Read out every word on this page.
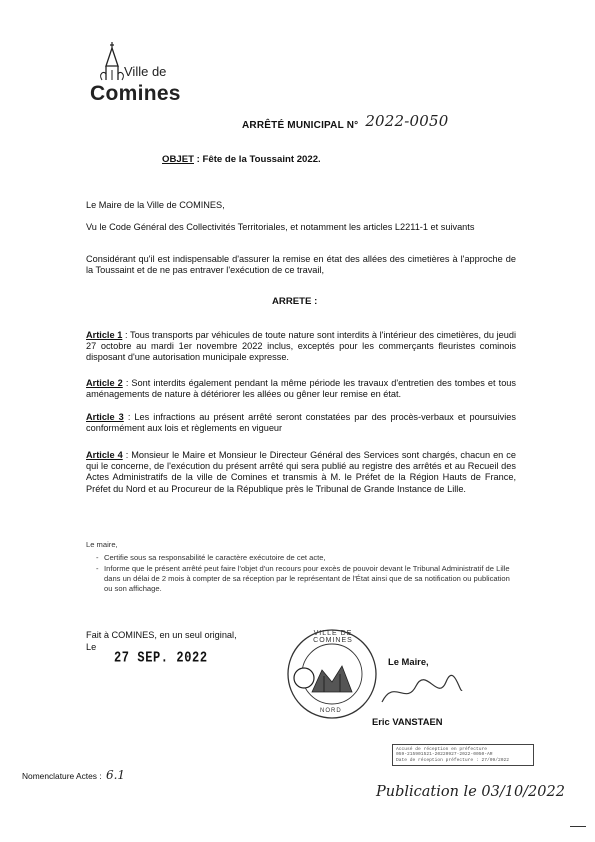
Ville de
Comines
ARRÊTÉ MUNICIPAL N° 2022-0050
OBJET : Fête de la Toussaint 2022.
Le Maire de la Ville de COMINES,
Vu le Code Général des Collectivités Territoriales, et notamment les articles L2211-1 et suivants
Considérant qu'il est indispensable d'assurer la remise en état des allées des cimetières à l'approche de la Toussaint et de ne pas entraver l'exécution de ce travail,
ARRETE :
Article 1 : Tous transports par véhicules de toute nature sont interdits à l'intérieur des cimetières, du jeudi 27 octobre au mardi 1er novembre 2022 inclus, exceptés pour les commerçants fleuristes cominois disposant d'une autorisation municipale expresse.
Article 2 : Sont interdits également pendant la même période les travaux d'entretien des tombes et tous aménagements de nature à détériorer les allées ou gêner leur remise en état.
Article 3 : Les infractions au présent arrêté seront constatées par des procès-verbaux et poursuivies conformément aux lois et règlements en vigueur
Article 4 : Monsieur le Maire et Monsieur le Directeur Général des Services sont chargés, chacun en ce qui le concerne, de l'exécution du présent arrêté qui sera publié au registre des arrêtés et au Recueil des Actes Administratifs de la ville de Comines et transmis à M. le Préfet de la Région Hauts de France, Préfet du Nord et au Procureur de la République près le Tribunal de Grande Instance de Lille.
Le maire,
- Certifie sous sa responsabilité le caractère exécutoire de cet acte,
- Informe que le présent arrêté peut faire l'objet d'un recours pour excès de pouvoir devant le Tribunal Administratif de Lille dans un délai de 2 mois à compter de sa réception par le représentant de l'État ainsi que de sa notification ou publication ou son affichage.
Fait à COMINES, en un seul original,
Le
27 SEP. 2022
VILLE DE COMINES
NORD
Le Maire,
Eric VANSTAEN
Nomenclature Actes : 6.1
Accusé de réception en préfecture
059-215901521-20220927-2022-0050-AR
Date de réception préfecture : 27/09/2022
Publication le 03/10/2022
